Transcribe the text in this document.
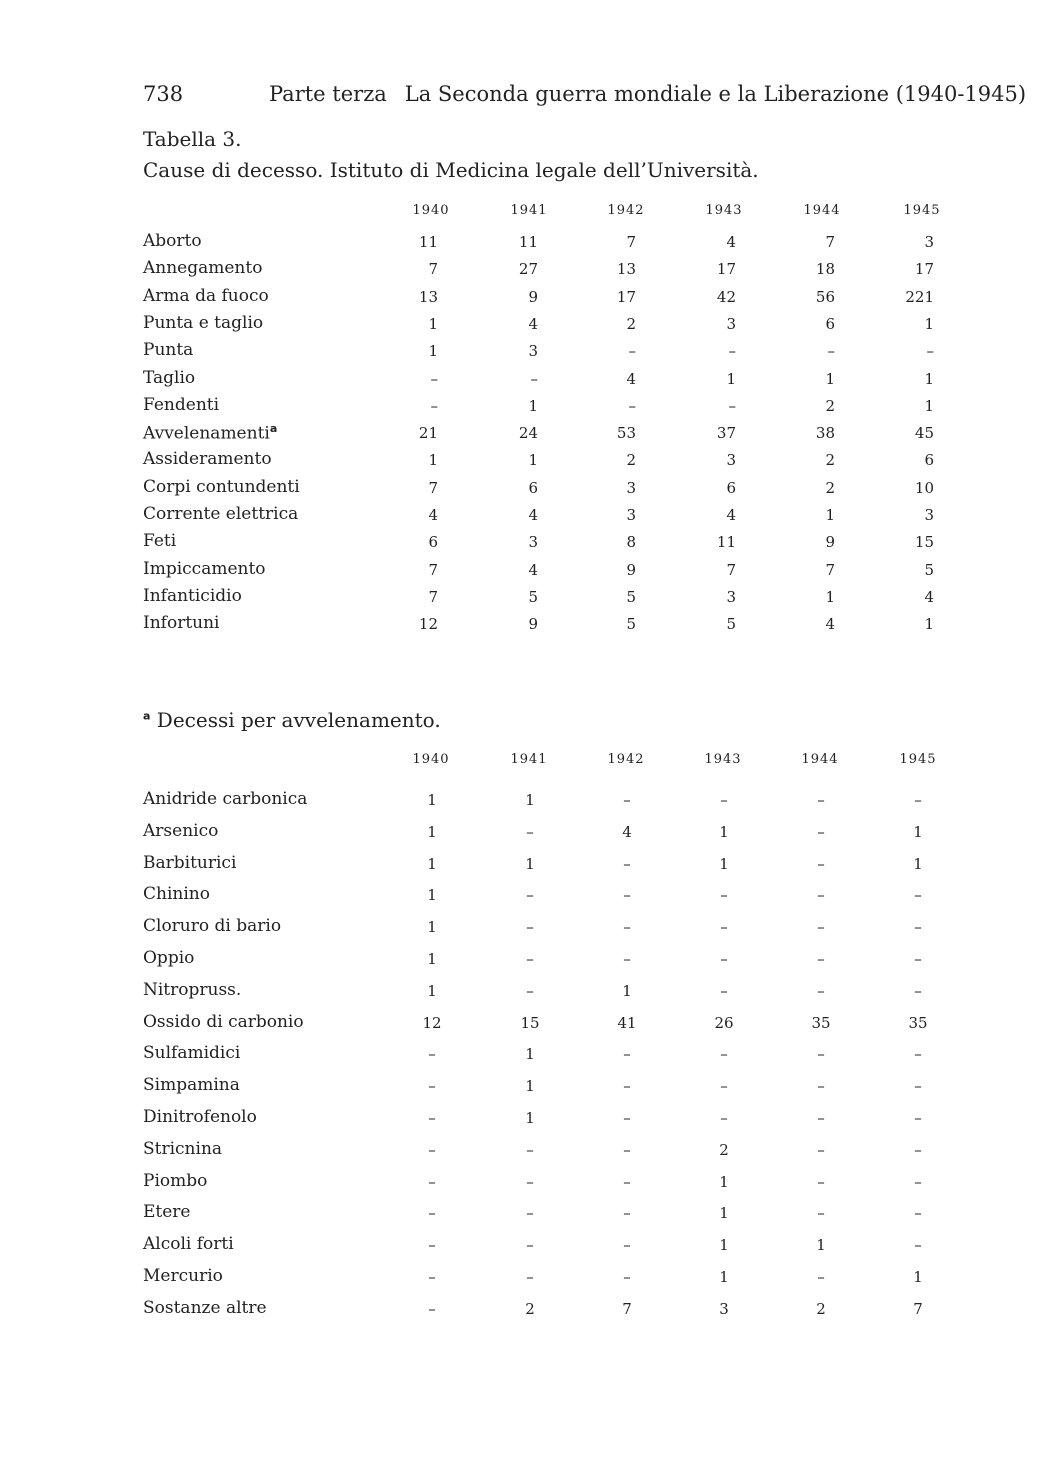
738	Parte terza La Seconda guerra mondiale e la Liberazione (1940-1945)
Tabella 3.
Cause di decesso. Istituto di Medicina legale dell’Università.
1940	1941	1942	1943	1944	1945
Aborto	11	11	7	4	7	3
Annegamento	7	27	13	17	18	17
Arma da fuoco	13	9	17	42	56	221
Punta e taglio	1	4	2	3	6	1
Punta	1	3	–	–	–	–
Taglio	–	–	4	1	1	1
Fendenti	–	1	–	–	2	1
Avvelenamenti$^a$	21	24	53	37	38	45
Assideramento	1	1	2	3	2	6
Corpi contundenti	7	6	3	6	2	10
Corrente elettrica	4	4	3	4	1	3
Feti	6	3	8	11	9	15
Impiccamento	7	4	9	7	7	5
Infanticidio	7	5	5	3	1	4
Infortuni	12	9	5	5	4	1
$^a$ Decessi per avvelenamento.
1940	1941	1942	1943	1944	1945
Anidride carbonica	1	1	–	–	–	–
Arsenico	1	–	4	1	–	1
Barbiturici	1	1	–	1	–	1
Chinino	1	–	–	–	–	–
Cloruro di bario	1	–	–	–	–	–
Oppio	1	–	–	–	–	–
Nitropruss.	1	–	1	–	–	–
Ossido di carbonio	12	15	41	26	35	35
Sulfamidici	–	1	–	–	–	–
Simpamina	–	1	–	–	–	–
Dinitrofenolo	–	1	–	–	–	–
Stricnina	–	–	–	2	–	–
Piombo	–	–	–	1	–	–
Etere	–	–	–	1	–	–
Alcoli forti	–	–	–	1	1	–
Mercurio	–	–	–	1	–	1
Sostanze altre	–	2	7	3	2	7
